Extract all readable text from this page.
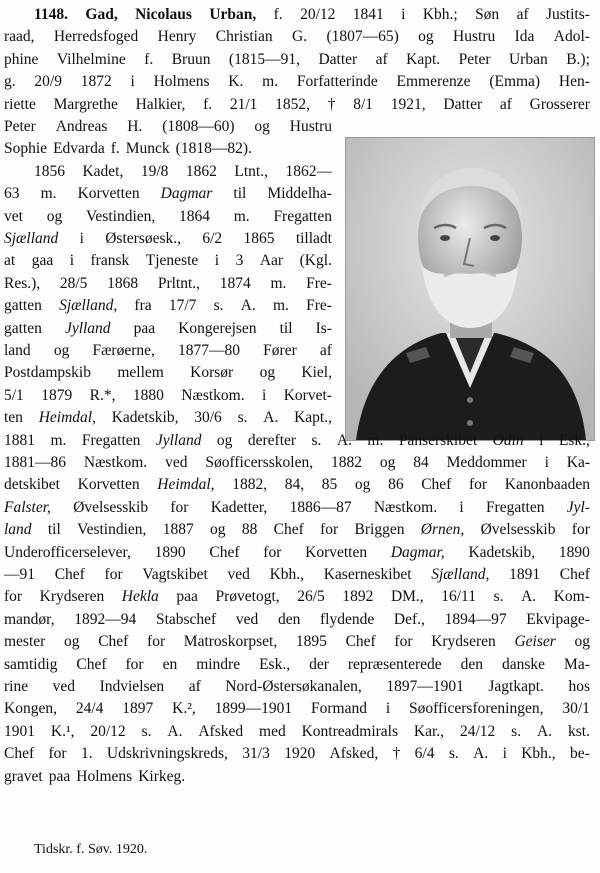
Tidskr. f. Søv. 1920.
1148. Gad, Nicolaus Urban, f. 20/12 1841 i Kbh.; Søn af Justits-
raad, Herredsfoged Henry Christian G. (1807—65) og Hustru Ida Adol-
phine Vilhelmine f. Bruun (1815—91, Datter af Kapt. Peter Urban B.);
g. 20/9 1872 i Holmens K. m. Forfatterinde Emmerenze (Emma) Hen-
riette Margrethe Halkier, f. 21/1 1852, † 8/1 1921, Datter af Grosserer
Peter Andreas H. (1808—60) og Hustru
Sophie Edvarda f. Munck (1818—82).
1856 Kadet, 19/8 1862 Ltnt., 1862—
63 m. Korvetten Dagmar til Middelha-
vet og Vestindien, 1864 m. Fregatten
Sjælland i Østersøesk., 6/2 1865 tilladt
at gaa i fransk Tjeneste i 3 Aar (Kgl.
Res.), 28/5 1868 Prltnt., 1874 m. Fre-
gatten Sjælland, fra 17/7 s. A. m. Fre-
gatten Jylland paa Kongerejsen til Is-
land og Færøerne, 1877—80 Fører af
Postdampskib mellem Korsør og Kiel,
5/1 1879 R.*, 1880 Næstkom. i Korvet-
ten Heimdal, Kadetskib, 30/6 s. A. Kapt.,
1881 m. Fregatten Jylland og derefter s. A. m. Panserskibet Odin i Esk.,
1881—86 Næstkom. ved Søofficersskolen, 1882 og 84 Meddommer i Ka-
detskibet Korvetten Heimdal, 1882, 84, 85 og 86 Chef for Kanonbaaden
Falster, Øvelsesskib for Kadetter, 1886—87 Næstkom. i Fregatten Jyl-
land til Vestindien, 1887 og 88 Chef for Briggen Ørnen, Øvelsesskib for
Underofficerselever, 1890 Chef for Korvetten Dagmar, Kadetskib, 1890
—91 Chef for Vagtskibet ved Kbh., Kaserneskibet Sjælland, 1891 Chef
for Krydseren Hekla paa Prøvetogt, 26/5 1892 DM., 16/11 s. A. Kom-
mandør, 1892—94 Stabschef ved den flydende Def., 1894—97 Ekvipage-
mester og Chef for Matroskorpset, 1895 Chef for Krydseren Geiser og
samtidig Chef for en mindre Esk., der repræsenterede den danske Ma-
rine ved Indvielsen af Nord-Østersøkanalen, 1897—1901 Jagtkapt. hos
Kongen, 24/4 1897 K.², 1899—1901 Formand i Søofficersforeningen, 30/1
1901 K.¹, 20/12 s. A. Afsked med Kontreadmirals Kar., 24/12 s. A. kst.
Chef for 1. Udskrivningskreds, 31/3 1920 Afsked, † 6/4 s. A. i Kbh., be-
gravet paa Holmens Kirkeg.
